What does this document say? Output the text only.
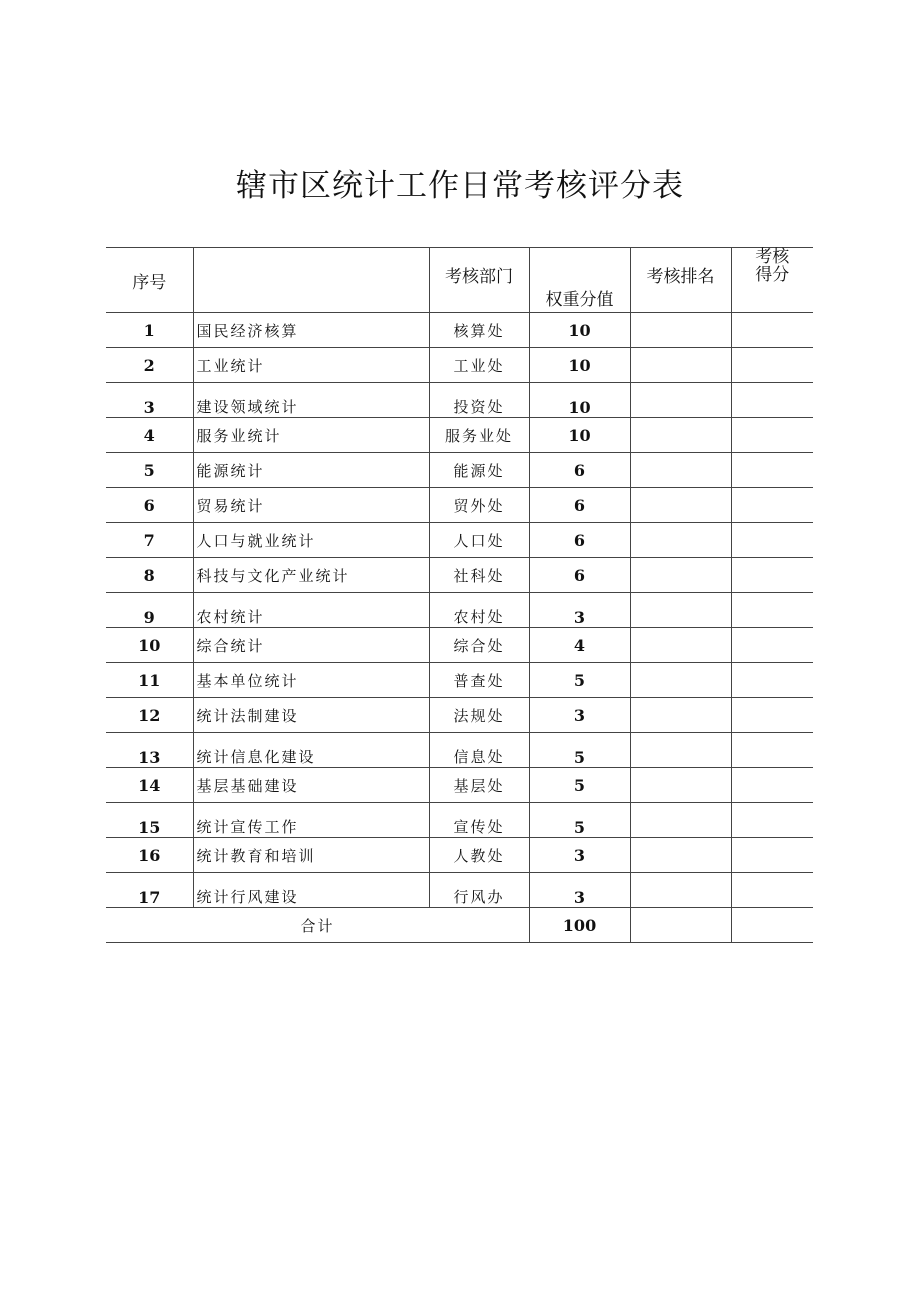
辖市区统计工作日常考核评分表
序号		考核部门	权重分值	考核排名	考核
得分
1	国民经济核算	核算处	10		
2	工业统计	工业处	10		
3	建设领域统计	投资处	10		
4	服务业统计	服务业处	10		
5	能源统计	能源处	6		
6	贸易统计	贸外处	6		
7	人口与就业统计	人口处	6		
8	科技与文化产业统计	社科处	6		
9	农村统计	农村处	3		
10	综合统计	综合处	4		
11	基本单位统计	普查处	5		
12	统计法制建设	法规处	3		
13	统计信息化建设	信息处	5		
14	基层基础建设	基层处	5		
15	统计宣传工作	宣传处	5		
16	统计教育和培训	人教处	3		
17	统计行风建设	行风办	3		
合计			100		
